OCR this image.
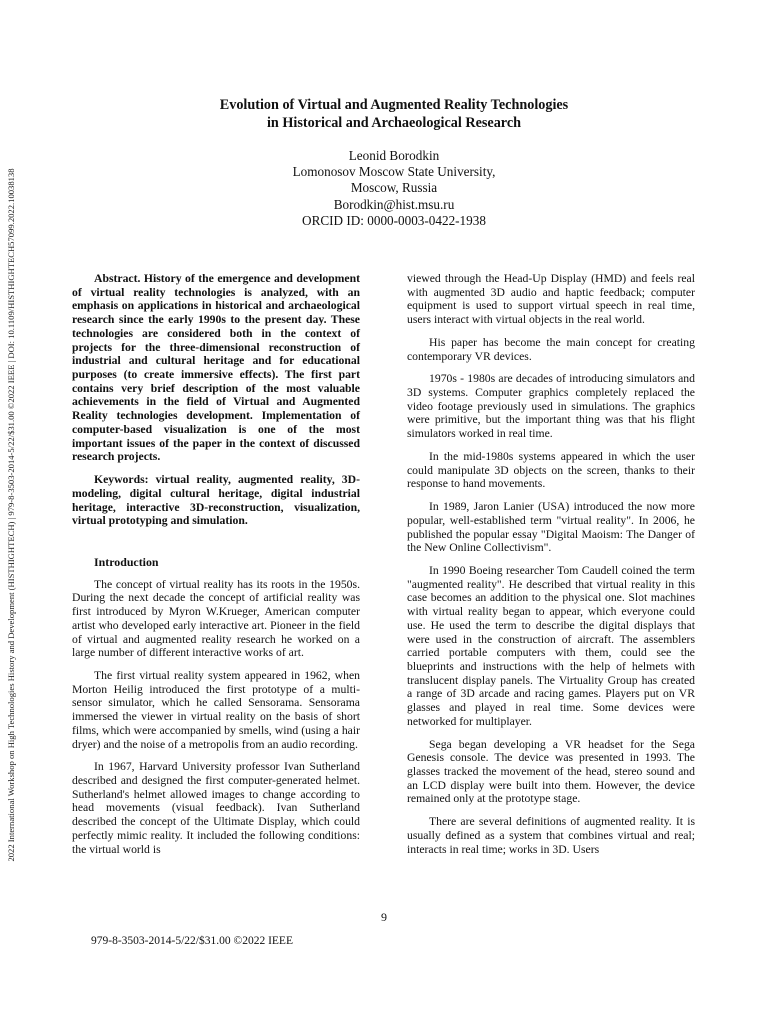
2022 International Workshop on High Technologies History and Development (HISTHIGHTECH) | 979-8-3503-2014-5/22/$31.00 ©2022 IEEE | DOI: 10.1109/HISTHIGHTECH57099.2022.10038138
Evolution of Virtual and Augmented Reality Technologies
in Historical and Archaeological Research
Leonid Borodkin
Lomonosov Moscow State University,
Moscow, Russia
Borodkin@hist.msu.ru
ORCID ID: 0000-0003-0422-1938

Abstract. History of the emergence and development of virtual reality technologies is analyzed, with an emphasis on applications in historical and archaeological research since the early 1990s to the present day. These technologies are considered both in the context of projects for the three-dimensional reconstruction of industrial and cultural heritage and for educational purposes (to create immersive effects). The first part contains very brief description of the most valuable achievements in the field of Virtual and Augmented Reality technologies development. Implementation of computer-based visualization is one of the most important issues of the paper in the context of discussed research projects.

Keywords: virtual reality, augmented reality, 3D-modeling, digital cultural heritage, digital industrial heritage, interactive 3D-reconstruction, visualization, virtual prototyping and simulation.

Introduction

The concept of virtual reality has its roots in the 1950s. During the next decade the concept of artificial reality was first introduced by Myron W.Krueger, American computer artist who developed early interactive art. Pioneer in the field of virtual and augmented reality research he worked on a large number of different interactive works of art.

The first virtual reality system appeared in 1962, when Morton Heilig introduced the first prototype of a multi-sensor simulator, which he called Sensorama. Sensorama immersed the viewer in virtual reality on the basis of short films, which were accompanied by smells, wind (using a hair dryer) and the noise of a metropolis from an audio recording.

In 1967, Harvard University professor Ivan Sutherland described and designed the first computer-generated helmet. Sutherland's helmet allowed images to change according to head movements (visual feedback). Ivan Sutherland described the concept of the Ultimate Display, which could perfectly mimic reality. It included the following conditions: the virtual world is

viewed through the Head-Up Display (HMD) and feels real with augmented 3D audio and haptic feedback; computer equipment is used to support virtual speech in real time, users interact with virtual objects in the real world.

His paper has become the main concept for creating contemporary VR devices.

1970s - 1980s are decades of introducing simulators and 3D systems. Computer graphics completely replaced the video footage previously used in simulations. The graphics were primitive, but the important thing was that his flight simulators worked in real time.

In the mid-1980s systems appeared in which the user could manipulate 3D objects on the screen, thanks to their response to hand movements.

In 1989, Jaron Lanier (USA) introduced the now more popular, well-established term "virtual reality". In 2006, he published the popular essay "Digital Maoism: The Danger of the New Online Collectivism".

In 1990 Boeing researcher Tom Caudell coined the term "augmented reality". He described that virtual reality in this case becomes an addition to the physical one. Slot machines with virtual reality began to appear, which everyone could use. He used the term to describe the digital displays that were used in the construction of aircraft. The assemblers carried portable computers with them, could see the blueprints and instructions with the help of helmets with translucent display panels. The Virtuality Group has created a range of 3D arcade and racing games. Players put on VR glasses and played in real time. Some devices were networked for multiplayer.

Sega began developing a VR headset for the Sega Genesis console. The device was presented in 1993. The glasses tracked the movement of the head, stereo sound and an LCD display were built into them. However, the device remained only at the prototype stage.

There are several definitions of augmented reality. It is usually defined as a system that combines virtual and real; interacts in real time; works in 3D. Users

9
979-8-3503-2014-5/22/$31.00 ©2022 IEEE
